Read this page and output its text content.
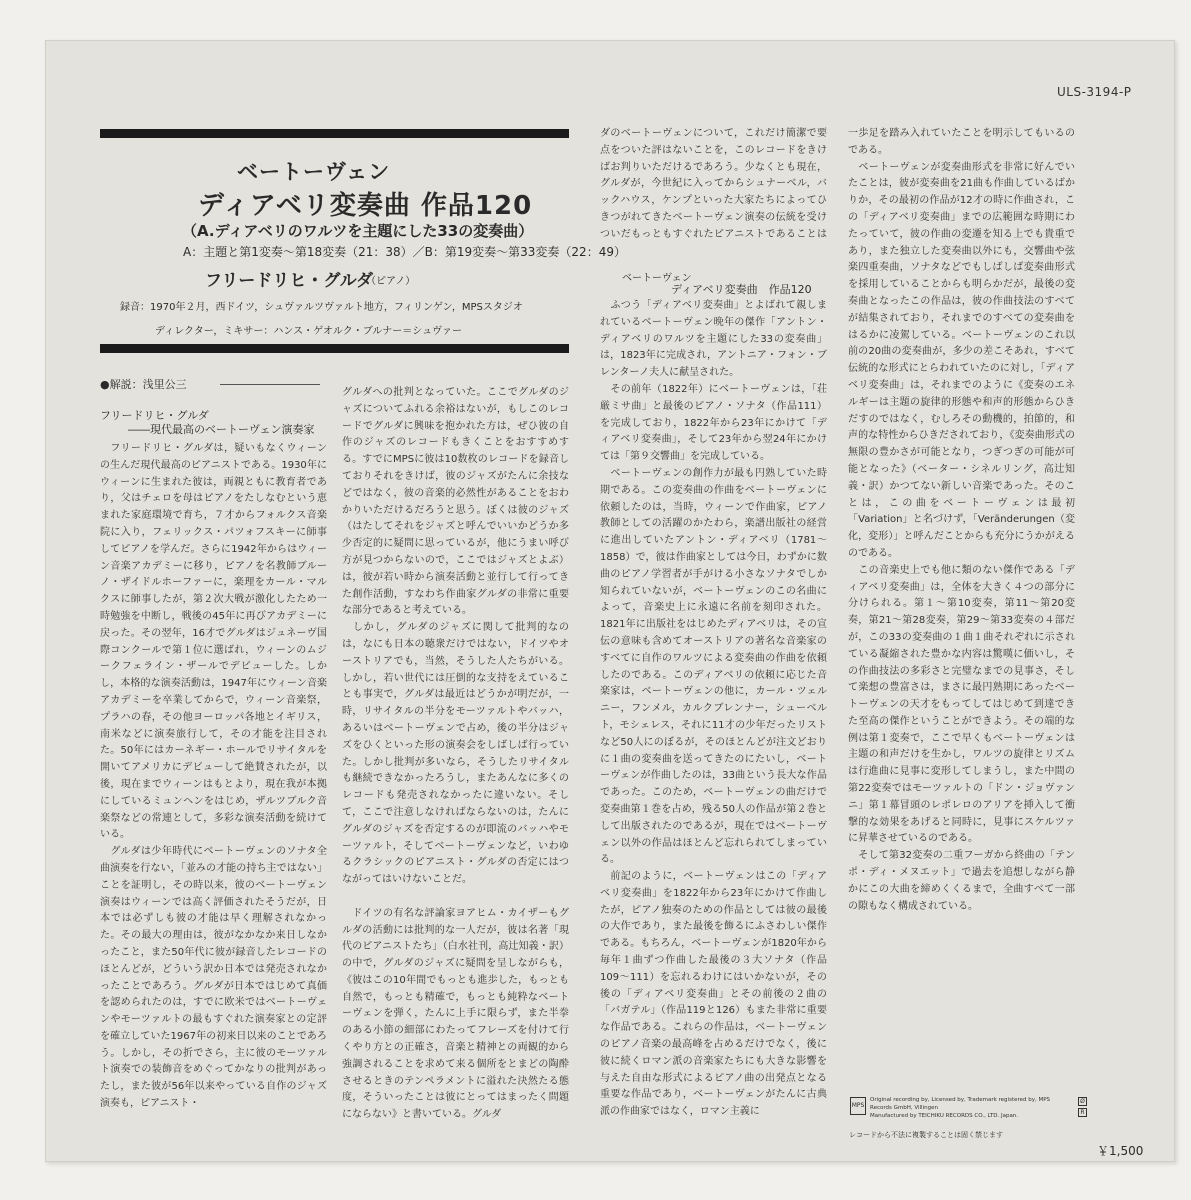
ULS-3194-P
ベートーヴェン
ディアベリ変奏曲 作品120
（A.ディアベリのワルツを主題にした33の変奏曲）
A：主題と第1変奏～第18変奏（21：38）／B：第19変奏～第33変奏（22：49）
フリードリヒ・グルダ
（ピアノ）
録音：1970年２月，西ドイツ，シュヴァルツヴァルト地方，フィリンゲン，MPSスタジオ
ディレクター，ミキサー：ハンス・ゲオルク・ブルナー＝シュヴァー
●解説：浅里公三
フリードリヒ・グルダ
――現代最高のベートーヴェン演奏家
　フリードリヒ・グルダは，疑いもなくウィーンの生んだ現代最高のピアニストである。1930年にウィーンに生まれた彼は，両親ともに教育者であり，父はチェロを母はピアノをたしなむという恵まれた家庭環境で育ち，７才からフォルクス音楽院に入り，フェリックス・パツォフスキーに師事してピアノを学んだ。さらに1942年からはウィーン音楽アカデミーに移り，ピアノを名教師ブルーノ・ザイドルホーファーに，楽理をカール・マルクスに師事したが，第２次大戦が激化したため一時勉強を中断し，戦後の45年に再びアカデミーに戻った。その翌年，16才でグルダはジュネーヴ国際コンクールで第１位に選ばれ，ウィーンのムジークフェライン・ザールでデビューした。しかし，本格的な演奏活動は，1947年にウィーン音楽アカデミーを卒業してからで，ウィーン音楽祭，プラハの春，その他ヨーロッパ各地とイギリス，南米などに演奏旅行して，その才能を注目された。50年にはカーネギー・ホールでリサイタルを開いてアメリカにデビューして絶賛されたが，以後，現在までウィーンはもとより，現在我が本拠にしているミュンヘンをはじめ，ザルツブルク音楽祭などの常連として，多彩な演奏活動を続けている。
　グルダは少年時代にベートーヴェンのソナタ全曲演奏を行ない，「並みの才能の持ち主ではない」ことを証明し，その時以来，彼のベートーヴェン演奏はウィーンでは高く評価されたそうだが，日本では必ずしも彼の才能は早く理解されなかった。その最大の理由は，彼がなかなか来日しなかったこと，また50年代に彼が録音したレコードのほとんどが，どういう訳か日本では発売されなかったことであろう。グルダが日本ではじめて真価を認められたのは，すでに欧米ではベートーヴェンやモーツァルトの最もすぐれた演奏家との定評を確立していた1967年の初来日以来のことであろう。しかし，その折でさら，主に彼のモーツァルト演奏での装飾音をめぐってかなりの批判があったし，また彼が56年以来やっている自作のジャズ演奏も，ピアニスト・
グルダへの批判となっていた。ここでグルダのジャズについてふれる余裕はないが，もしこのレコードでグルダに興味を抱かれた方は，ぜひ彼の自作のジャズのレコードもきくことをおすすめする。すでにMPSに彼は10数枚のレコードを録音しておりそれをきけば，彼のジャズがたんに余技などではなく，彼の音楽的必然性があることをおわかりいただけるだろうと思う。ぼくは彼のジャズ（はたしてそれをジャズと呼んでいいかどうか多少否定的に疑問に思っているが，他にうまい呼び方が見つからないので，ここではジャズとよぶ）は，彼が若い時から演奏活動と並行して行ってきた創作活動，すなわち作曲家グルダの非常に重要な部分であると考えている。
　しかし，グルダのジャズに関して批判的なのは，なにも日本の聴衆だけではない，ドイツやオーストリアでも，当然，そうした人たちがいる。しかし，若い世代には圧倒的な支持をえていることも事実で，グルダは最近はどうかが明だが，一時，リサイタルの半分をモーツァルトやバッハ，あるいはベートーヴェンで占め，後の半分はジャズをひくといった形の演奏会をしばしば行っていた。しかし批判が多いなら，そうしたリサイタルも継続できなかったろうし，またあんなに多くのレコードも発売されなかったに違いない。そして，ここで注意しなければならないのは，たんにグルダのジャズを否定するのが即流のバッハやモーツァルト，そしてベートーヴェンなど，いわゆるクラシックのピアニスト・グルダの否定にはつながってはいけないことだ。

　ドイツの有名な評論家ヨアヒム・カイザーもグルダの活動には批判的な一人だが，彼は名著「現代のピアニストたち」（白水社刊，高辻知義・訳）の中で，グルダのジャズに疑問を呈しながらも，《彼はこの10年間でもっとも進歩した，もっとも自然で，もっとも精確で，もっとも純粋なベートーヴェンを弾く，たんに上手に限らず，また半拳のある小節の細部にわたってフレーズを付けて行くやり方との正確さ，音楽と精神との両観的から強調されることを求めて来る個所をとまどの陶酔させるときのテンペラメントに溢れた決然たる態度，そういったことは彼にとってはまったく問題にならない》と書いている。グルダ
ダのベートーヴェンについて，これだけ簡潔で要点をついた評はないことを，このレコードをきけばお判りいただけるであろう。少なくとも現在，グルダが，今世紀に入ってからシュナーベル，バックハウス，ケンプといった大家たちによってひきつがれてきたベートーヴェン演奏の伝統を受けついだもっともすぐれたピアニストであることは
ベートーヴェン
ディアベリ変奏曲　作品120
　ふつう「ディアベリ変奏曲」とよばれて親しまれているベートーヴェン晩年の傑作「アントン・ディアベリのワルツを主題にした33の変奏曲」は，1823年に完成され，アントニア・フォン・ブレンターノ夫人に献呈された。
　その前年（1822年）にベートーヴェンは，「荘厳ミサ曲」と最後のピアノ・ソナタ（作品111）を完成しており，1822年から23年にかけて「ディアベリ変奏曲」，そして23年から翌24年にかけては「第９交響曲」を完成している。
　ベートーヴェンの創作力が最も円熟していた時期である。この変奏曲の作曲をベートーヴェンに依頼したのは，当時，ウィーンで作曲家，ピアノ教師としての活躍のかたわら，楽譜出版社の経営に進出していたアントン・ディアベリ（1781～1858）で，彼は作曲家としては今日，わずかに数曲のピアノ学習者が手がける小さなソナタでしか知られていないが，ベートーヴェンのこの名曲によって，音楽史上に永遠に名前を刻印された。1821年に出版社をはじめたディアベリは，その宣伝の意味も含めてオーストリアの著名な音楽家のすべてに自作のワルツによる変奏曲の作曲を依頼したのである。このディアベリの依頼に応じた音楽家は，ベートーヴェンの他に，カール・ツェルニー，フンメル，カルクブレンナー，シューベルト，モシェレス，それに11才の少年だったリストなど50人にのぼるが，そのほとんどが注文どおりに１曲の変奏曲を送ってきたのにたいし，ベートーヴェンが作曲したのは，33曲という長大な作品であった。このため，ベートーヴェンの曲だけで変奏曲第１巻を占め，残る50人の作品が第２巻として出版されたのであるが，現在ではベートーヴェン以外の作品はほとんど忘れられてしまっている。
　前記のように，ベートーヴェンはこの「ディアベリ変奏曲」を1822年から23年にかけて作曲したが，ピアノ独奏のための作品としては彼の最後の大作であり，また最後を飾るにふさわしい傑作である。もちろん，ベートーヴェンが1820年から毎年１曲ずつ作曲した最後の３大ソナタ（作品109～111）を忘れるわけにはいかないが，その後の「ディアベリ変奏曲」とその前後の２曲の「バガテル」（作品119と126）もまた非常に重要な作品である。これらの作品は，ベートーヴェンのピアノ音楽の最高峰を占めるだけでなく，後に彼に続くロマン派の音楽家たちにも大きな影響を与えた自由な形式によるピアノ曲の出発点となる重要な作品であり，ベートーヴェンがたんに古典派の作曲家ではなく，ロマン主義に
一歩足を踏み入れていたことを明示してもいるのである。
　ベートーヴェンが変奏曲形式を非常に好んでいたことは，彼が変奏曲を21曲も作曲しているばかりか，その最初の作品が12才の時に作曲され，この「ディアベリ変奏曲」までの広範囲な時期にわたっていて，彼の作曲の変遷を知る上でも貴重であり，また独立した変奏曲以外にも，交響曲や弦楽四重奏曲，ソナタなどでもしばしば変奏曲形式を採用していることからも明らかだが，最後の変奏曲となったこの作品は，彼の作曲技法のすべてが結集されており，それまでのすべての変奏曲をはるかに凌駕している。ベートーヴェンのこれ以前の20曲の変奏曲が，多少の差こそあれ，すべて伝統的な形式にとらわれていたのに対し，「ディアベリ変奏曲」は，それまでのように《変奏のエネルギーは主題の旋律的形態や和声的形態からひきだすのではなく，むしろその動機的，拍節的，和声的な特性からひきだされており，《変奏曲形式の無限の豊かさが可能となり，つぎつぎの可能が可能となった》（ベーター・シネルリング，高辻知義・訳）かつてない新しい音楽であった。そのことは，この曲をベートーヴェンは最初「Variation」と名づけず，「Veränderungen（変化，変形）」と呼んだことからも充分にうかがえるのである。
　この音楽史上でも他に類のない傑作である「ディアベリ変奏曲」は，全体を大きく４つの部分に分けられる。第１～第10変奏，第11～第20変奏，第21～第28変奏，第29～第33変奏の４部だが，この33の変奏曲の１曲１曲それぞれに示されている凝縮された豊かな内容は驚嘆に価いし，その作曲技法の多彩さと完璧なまでの見事さ，そして楽想の豊富さは，まさに最円熟期にあったベートーヴェンの天才をもってしてはじめて到達できた至高の傑作ということができよう。その端的な例は第１変奏で，ここで早くもベートーヴェンは主題の和声だけを生かし，ワルツの旋律とリズムは行進曲に見事に変形してしまうし，また中間の第22変奏ではモーツァルトの「ドン・ジョヴァンニ」第１幕冒頭のレポレロのアリアを挿入して衝撃的な効果をあげると同時に，見事にスケルツァに昇華させているのである。
　そして第32変奏の二重フーガから終曲の「テンポ・ディ・メヌエット」で過去を追想しながら静かにこの大曲を締めくくるまで，全曲すべて一部の隙もなく構成されている。
MPS
Original recording by, Licensed by, Trademark registered by, MPS Records GmbH, Villingen
Manufactured by TEICHIKU RECORDS CO., LTD. Japan.
Ø
R
レコードから不法に複製することは固く禁じます
￥1,500
